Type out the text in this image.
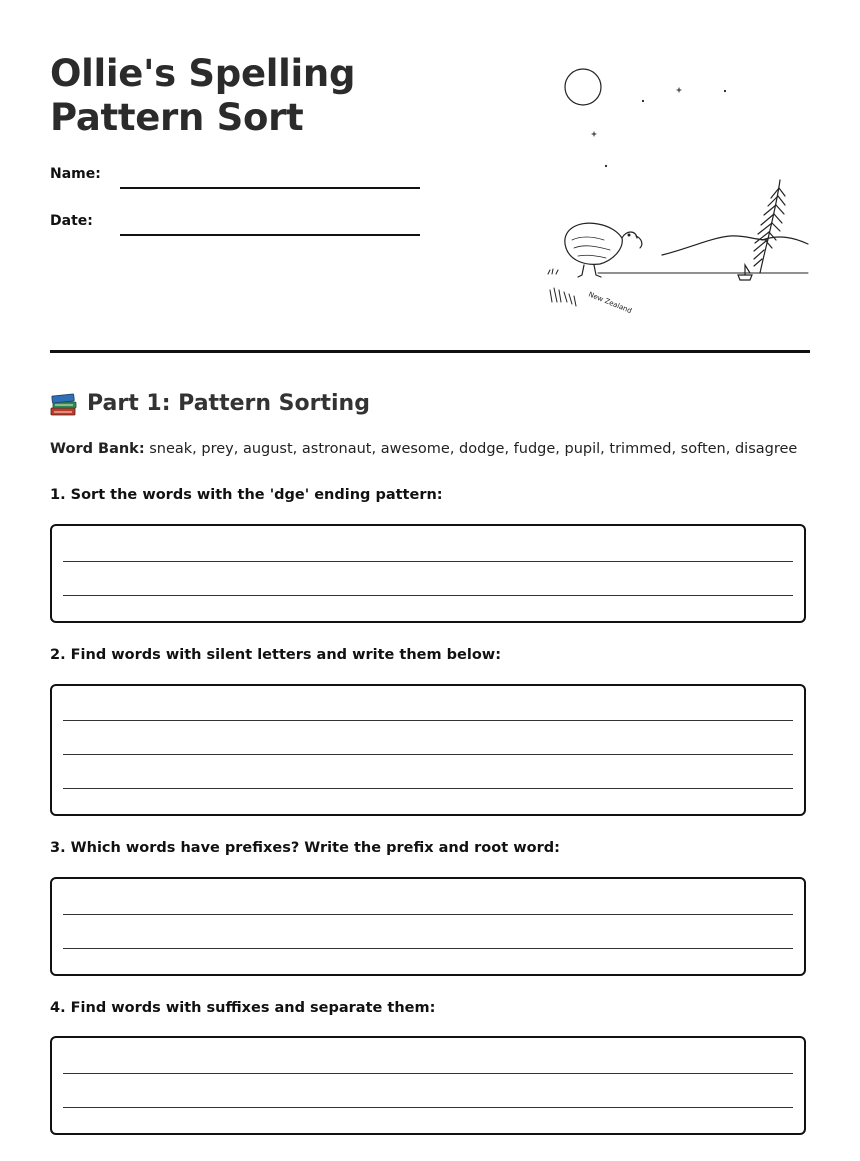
Ollie's Spelling Pattern Sort
Name:
Date:
New Zealand
Part 1: Pattern Sorting
Word Bank: sneak, prey, august, astronaut, awesome, dodge, fudge, pupil, trimmed, soften, disagree
1. Sort the words with the 'dge' ending pattern:
2. Find words with silent letters and write them below:
3. Which words have prefixes? Write the prefix and root word:
4. Find words with suffixes and separate them:
